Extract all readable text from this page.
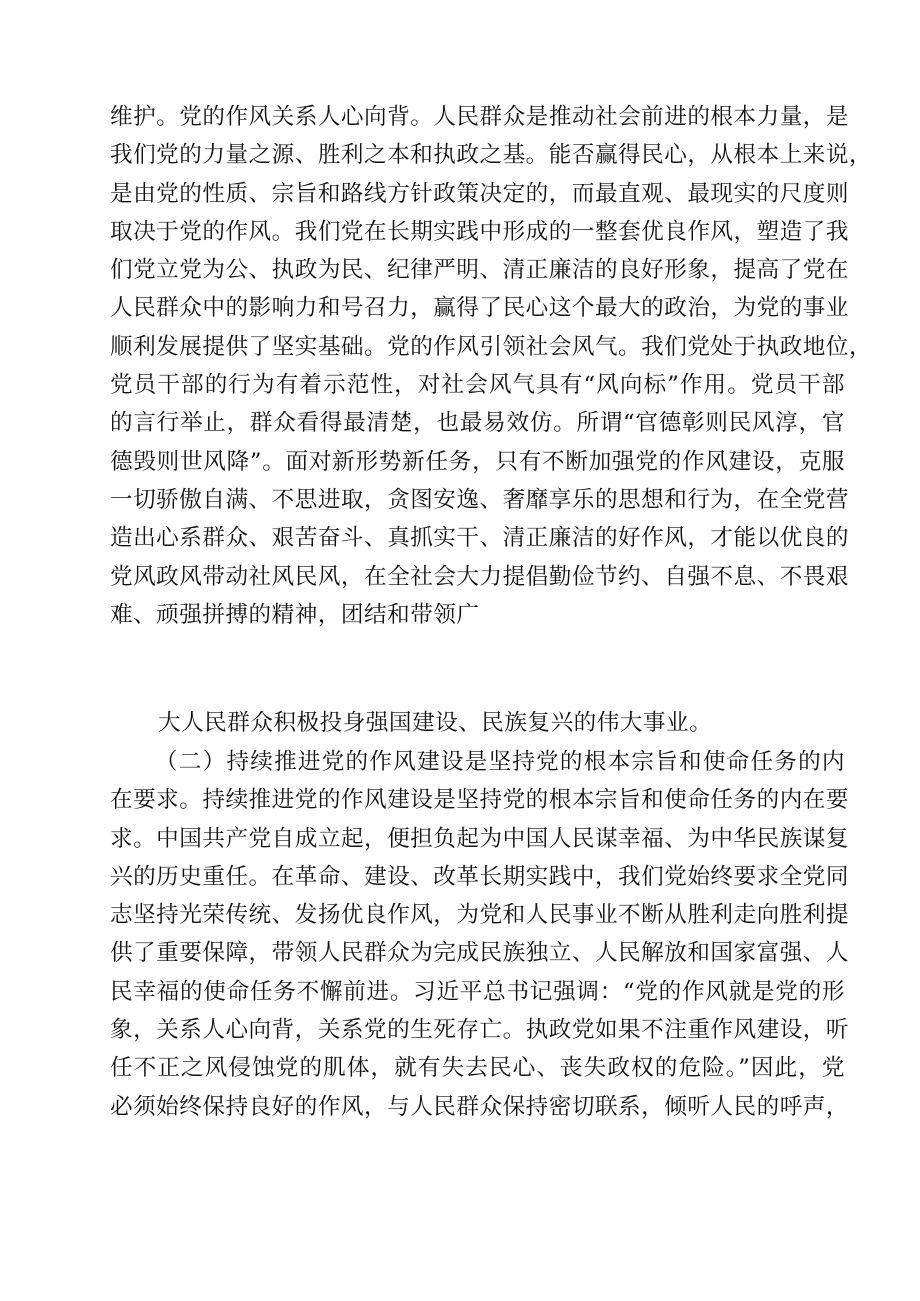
维护。党的作风关系人心向背。人民群众是推动社会前进的根本力量，是
我们党的力量之源、胜利之本和执政之基。能否赢得民心，从根本上来说，
是由党的性质、宗旨和路线方针政策决定的，而最直观、最现实的尺度则
取决于党的作风。我们党在长期实践中形成的一整套优良作风，塑造了我
们党立党为公、执政为民、纪律严明、清正廉洁的良好形象，提高了党在
人民群众中的影响力和号召力，赢得了民心这个最大的政治，为党的事业
顺利发展提供了坚实基础。党的作风引领社会风气。我们党处于执政地位，
党员干部的行为有着示范性，对社会风气具有“风向标”作用。党员干部
的言行举止，群众看得最清楚，也最易效仿。所谓“官德彰则民风淳，官
德毁则世风降”。面对新形势新任务，只有不断加强党的作风建设，克服
一切骄傲自满、不思进取，贪图安逸、奢靡享乐的思想和行为，在全党营
造出心系群众、艰苦奋斗、真抓实干、清正廉洁的好作风，才能以优良的
党风政风带动社风民风，在全社会大力提倡勤俭节约、自强不息、不畏艰
难、顽强拼搏的精神，团结和带领广
大人民群众积极投身强国建设、民族复兴的伟大事业。
（二）持续推进党的作风建设是坚持党的根本宗旨和使命任务的内
在要求。持续推进党的作风建设是坚持党的根本宗旨和使命任务的内在要
求。中国共产党自成立起，便担负起为中国人民谋幸福、为中华民族谋复
兴的历史重任。在革命、建设、改革长期实践中，我们党始终要求全党同
志坚持光荣传统、发扬优良作风，为党和人民事业不断从胜利走向胜利提
供了重要保障，带领人民群众为完成民族独立、人民解放和国家富强、人
民幸福的使命任务不懈前进。习近平总书记强调：“党的作风就是党的形
象，关系人心向背，关系党的生死存亡。执政党如果不注重作风建设，听
任不正之风侵蚀党的肌体，就有失去民心、丧失政权的危险。”因此，党
必须始终保持良好的作风，与人民群众保持密切联系，倾听人民的呼声，
